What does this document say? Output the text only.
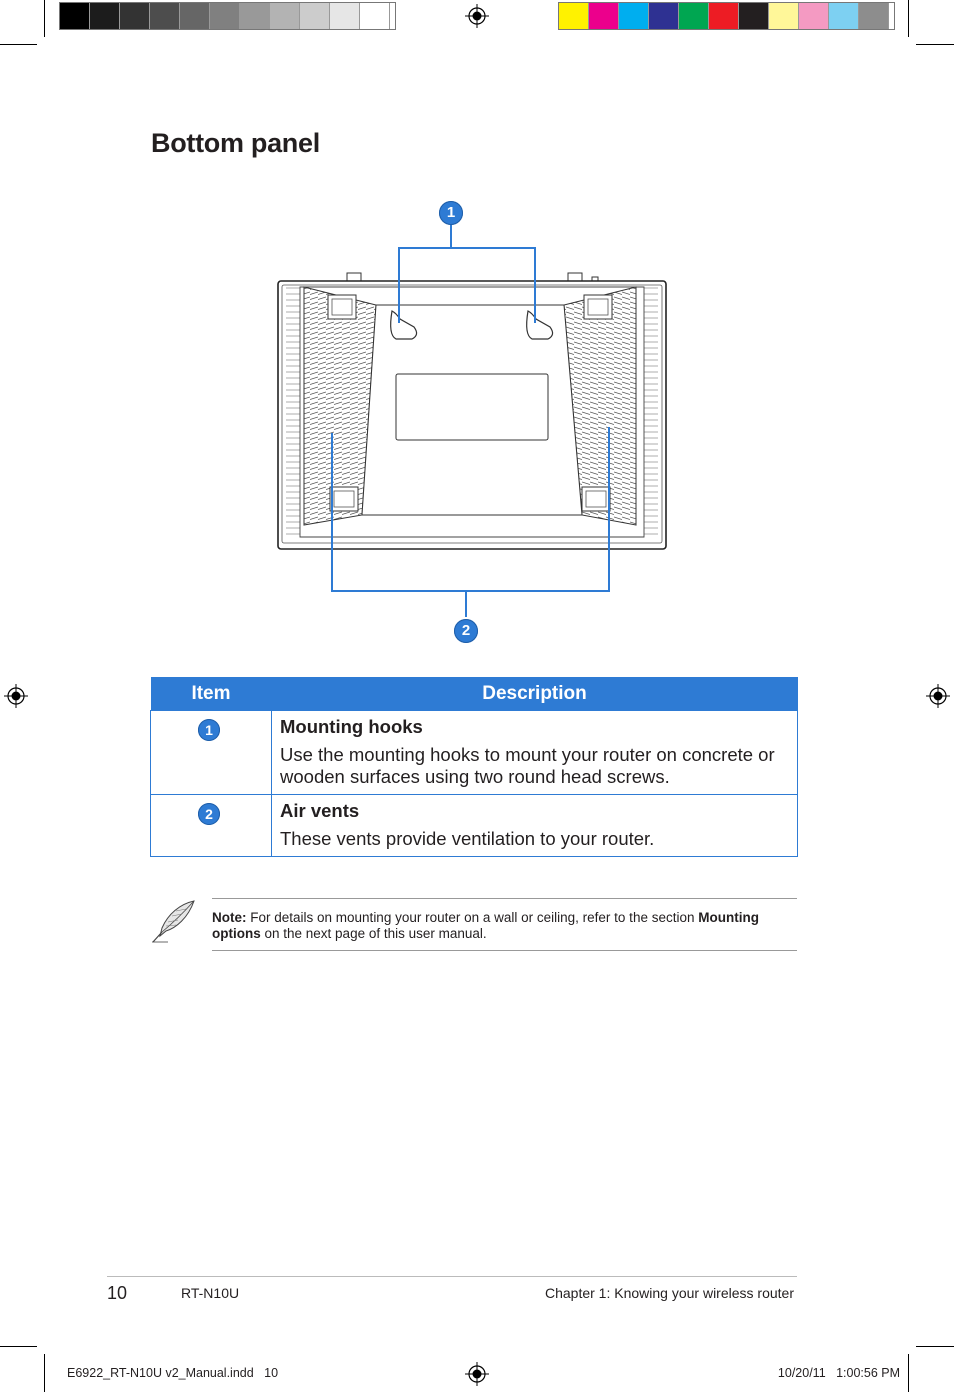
Bottom panel
1
2
Item	Description

1	Mounting hooks
Use the mounting hooks to mount your router on concrete or wooden surfaces using two round head screws.

2	Air vents
These vents provide ventilation to your router.
Note: For details on mounting your router on a wall or ceiling, refer to the section Mounting options on the next page of this user manual.
10	RT-N10U	Chapter 1: Knowing your wireless router
E6922_RT-N10U v2_Manual.indd   10	10/20/11   1:00:56 PM
